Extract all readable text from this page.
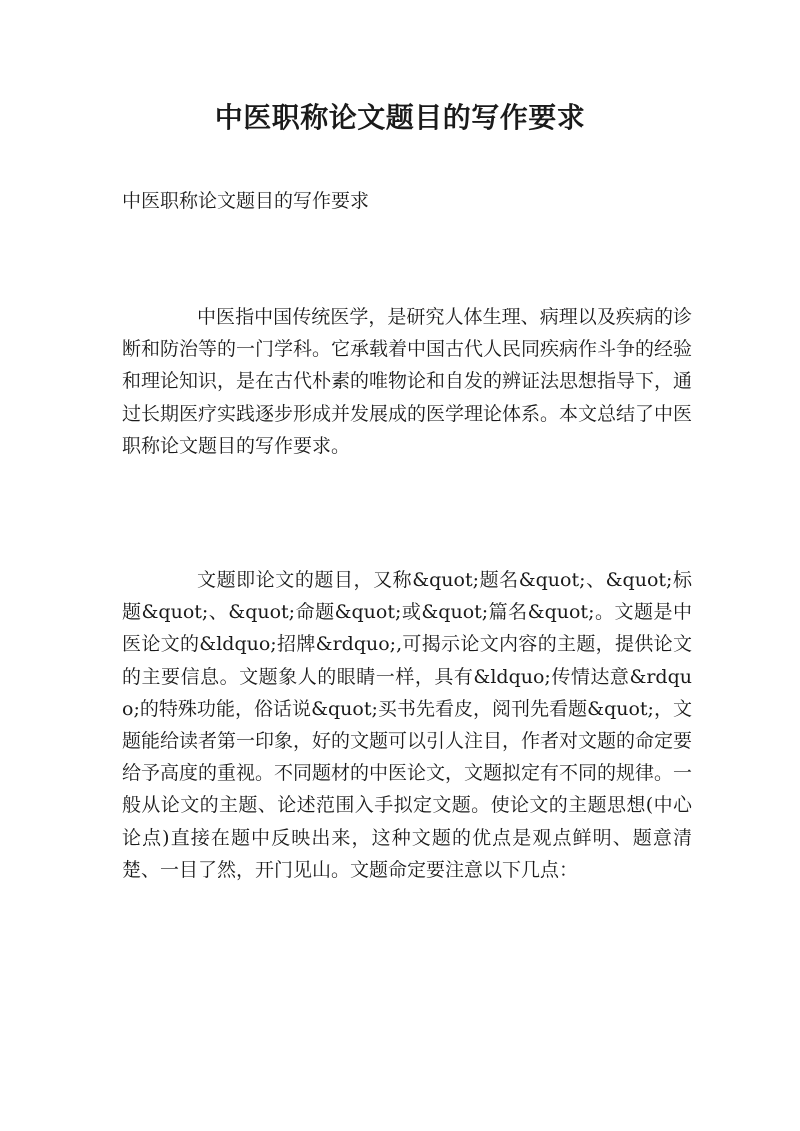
中医职称论文题目的写作要求

中医职称论文题目的写作要求

中医指中国传统医学，是研究人体生理、病理以及疾病的诊断和防治等的一门学科。它承载着中国古代人民同疾病作斗争的经验和理论知识，是在古代朴素的唯物论和自发的辨证法思想指导下，通过长期医疗实践逐步形成并发展成的医学理论体系。本文总结了中医职称论文题目的写作要求。

文题即论文的题目，又称&quot;题名&quot;、&quot;标题&quot;、&quot;命题&quot;或&quot;篇名&quot;。文题是中医论文的&ldquo;招牌&rdquo;,可揭示论文内容的主题，提供论文的主要信息。文题象人的眼睛一样，具有&ldquo;传情达意&rdquo;的特殊功能，俗话说&quot;买书先看皮，阅刊先看题&quot;，文题能给读者第一印象，好的文题可以引人注目，作者对文题的命定要给予高度的重视。不同题材的中医论文，文题拟定有不同的规律。一般从论文的主题、论述范围入手拟定文题。使论文的主题思想(中心论点)直接在题中反映出来，这种文题的优点是观点鲜明、题意清楚、一目了然，开门见山。文题命定要注意以下几点：
